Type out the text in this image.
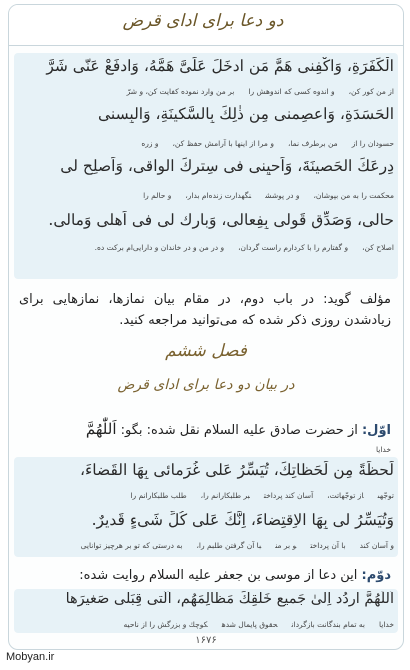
دو دعا برای ادای قرض
الْكَفَرَةِ، وَاكْفِنى هَمَّ مَن ادخَلَ عَلَىَّ هَمَّهُ، وَادفَعْ عَنّى شَرَّ
از من كور كن،و اندوه كسى كه اندوهش رابر من وارد نموده كفايت كن، و شرّ
الحَسَدَةِ، وَاعصِمنى مِن ذٰلِكَ بِالسَّكينَةِ، وَالبِسنى
حسودان را ازمن برطرف نما،و مرا از اينها با آرامش حفظ كن،و زره
دِرعَكَ الحَصينَةَ، وَاَحيِنى فى سِترِكَ الواقى، وَاَصلِح لى
محكمت را به من بپوشان،و در پوششنگهدارت زنده‌ام بدار،و حالم را
حالى، وَصَدِّق قَولى بِفِعالى، وَبارِك لى فى اَهلى وَمالى.
اصلاح كن،و گفتارم را با كردارم راست گردان،و در من و در خاندان و دارايى‌ام بركت ده.
مؤلف گويد: در باب دوم، در مقام بيان نمازها، نمازهايى براى زيادشدن روزى ذكر شده كه مى‌توانيد مراجعه كنيد.
فصل ششم
در بيان دو دعا براى ادای قرض
اوّل: از حضرت صادق عليه السلام نقل شده: بگو: اَللّٰهُمَّ
خدايا
لَحظَةً مِن لَحَظاتِكَ، تُيَسِّرُ عَلى غُرَمائى بِهَا القَضاءَ،
توجّهىاز توجّهاتت،آسان كند پرداختبر طلبكارانم را،طلب طلبكارانم را
وَتُيَسِّرُ لى بِهَا الاِقتِضاءَ، اِنَّكَ عَلى كُلِّ شَىءٍ قَديرٌ.
و آسان كندبا آن پرداختو بر منبا آن گرفتن طلبم را،به درستى كه تو بر هرچيز توانايى
دوّم: اين دعا از موسى بن جعفر عليه السلام روايت شده:
اَللّٰهُمَّ اردُد اِلىٰ جَميعِ خَلقِكَ مَظالِمَهُم، اَلّتى قِبَلى صَغيرَها
خدايابه تمام بندگانت بازگردانحقوق پايمال شدهكوچك و بزرگش را از ناحيه
۱۶۷۶
Mobyan.ir
